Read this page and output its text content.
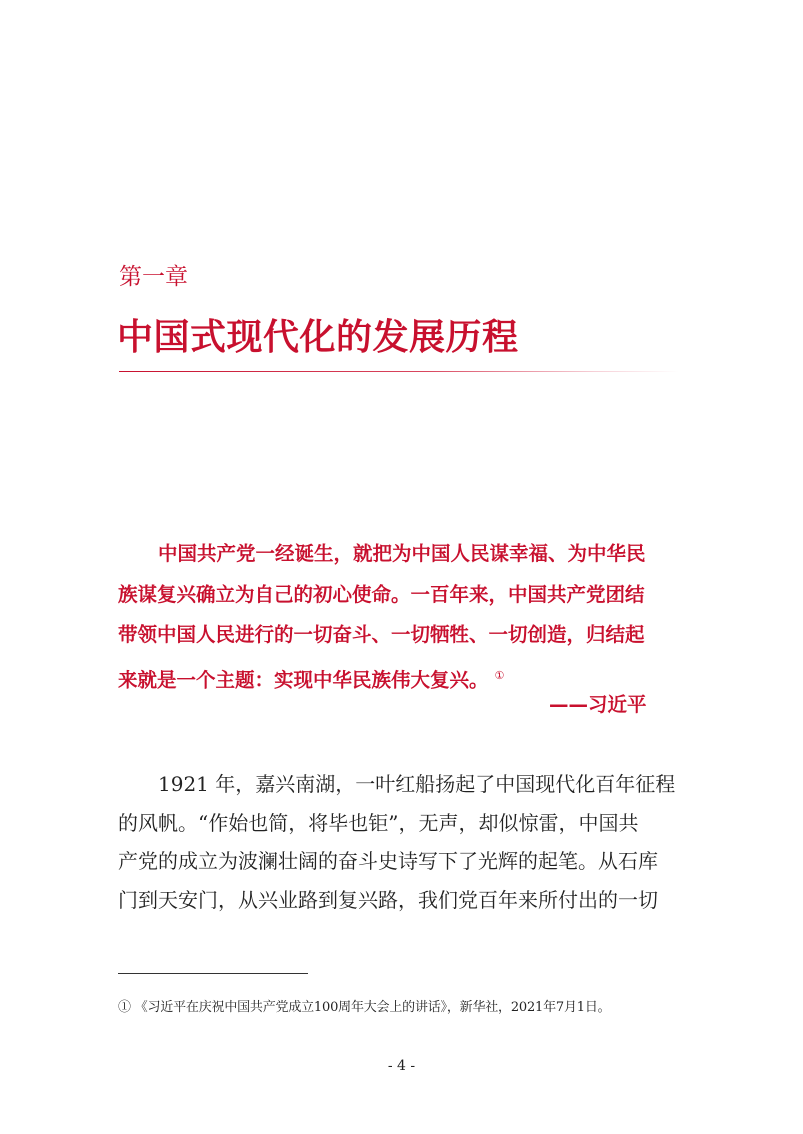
第一章
中国式现代化的发展历程
中国共产党一经诞生，就把为中国人民谋幸福、为中华民
族谋复兴确立为自己的初心使命。一百年来，中国共产党团结
带领中国人民进行的一切奋斗、一切牺牲、一切创造，归结起
来就是一个主题：实现中华民族伟大复兴。 ①
——习近平
1921 年，嘉兴南湖，一叶红船扬起了中国现代化百年征程
的风帆。“作始也简，将毕也钜”，无声，却似惊雷，中国共
产党的成立为波澜壮阔的奋斗史诗写下了光辉的起笔。从石库
门到天安门，从兴业路到复兴路，我们党百年来所付出的一切
① 《习近平在庆祝中国共产党成立100周年大会上的讲话》，新华社，2021年7月1日。
- 4 -
